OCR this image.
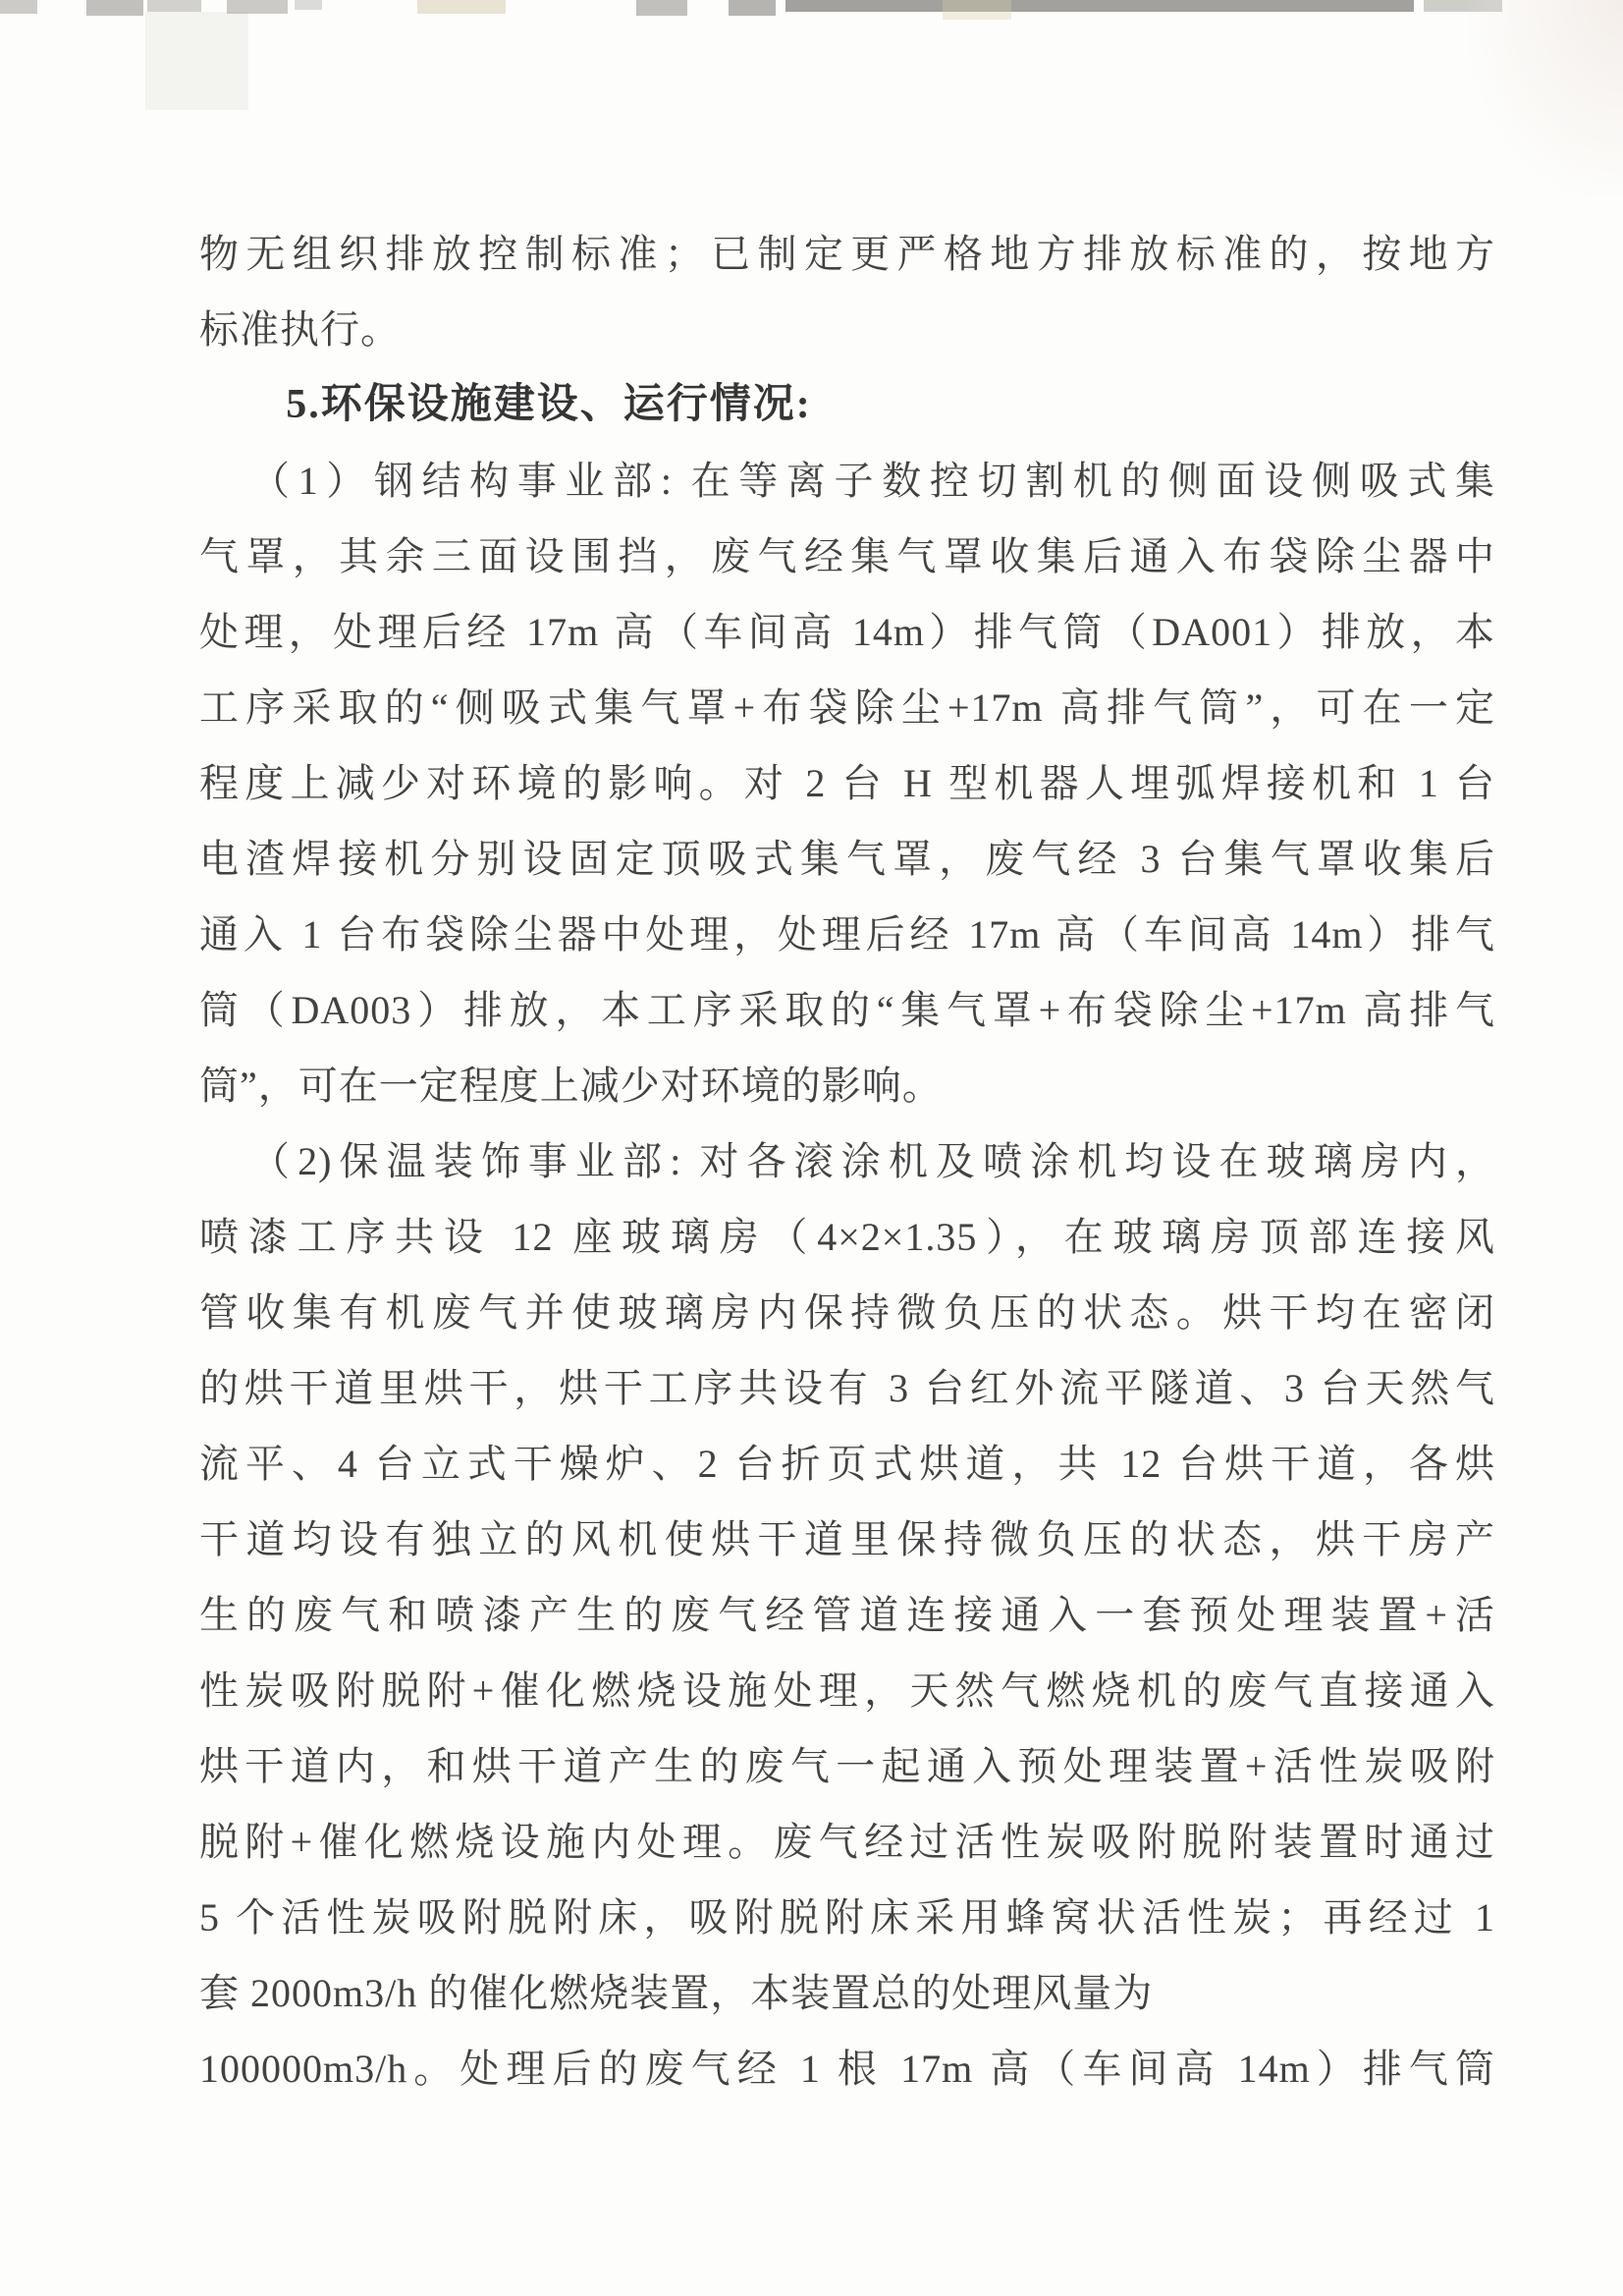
物无组织排放控制标准；已制定更严格地方排放标准的，按地方
标准执行。
5.环保设施建设、运行情况:
（1）钢结构事业部: 在等离子数控切割机的侧面设侧吸式集
气罩，其余三面设围挡，废气经集气罩收集后通入布袋除尘器中
处理，处理后经 17m 高（车间高 14m）排气筒（DA001）排放，本
工序采取的“侧吸式集气罩+布袋除尘+17m 高排气筒”，可在一定
程度上减少对环境的影响。对 2 台 H 型机器人埋弧焊接机和 1 台
电渣焊接机分别设固定顶吸式集气罩，废气经 3 台集气罩收集后
通入 1 台布袋除尘器中处理，处理后经 17m 高（车间高 14m）排气
筒（DA003）排放，本工序采取的“集气罩+布袋除尘+17m 高排气
筒”，可在一定程度上减少对环境的影响。
（2)保温装饰事业部: 对各滚涂机及喷涂机均设在玻璃房内，
喷漆工序共设 12 座玻璃房（4×2×1.35），在玻璃房顶部连接风
管收集有机废气并使玻璃房内保持微负压的状态。烘干均在密闭
的烘干道里烘干，烘干工序共设有 3 台红外流平隧道、3 台天然气
流平、4 台立式干燥炉、2 台折页式烘道，共 12 台烘干道，各烘
干道均设有独立的风机使烘干道里保持微负压的状态，烘干房产
生的废气和喷漆产生的废气经管道连接通入一套预处理装置+活
性炭吸附脱附+催化燃烧设施处理，天然气燃烧机的废气直接通入
烘干道内，和烘干道产生的废气一起通入预处理装置+活性炭吸附
脱附+催化燃烧设施内处理。废气经过活性炭吸附脱附装置时通过
5 个活性炭吸附脱附床，吸附脱附床采用蜂窝状活性炭；再经过 1
套 2000m3/h 的催化燃烧装置，本装置总的处理风量为
100000m3/h。处理后的废气经 1 根 17m 高（车间高 14m）排气筒
